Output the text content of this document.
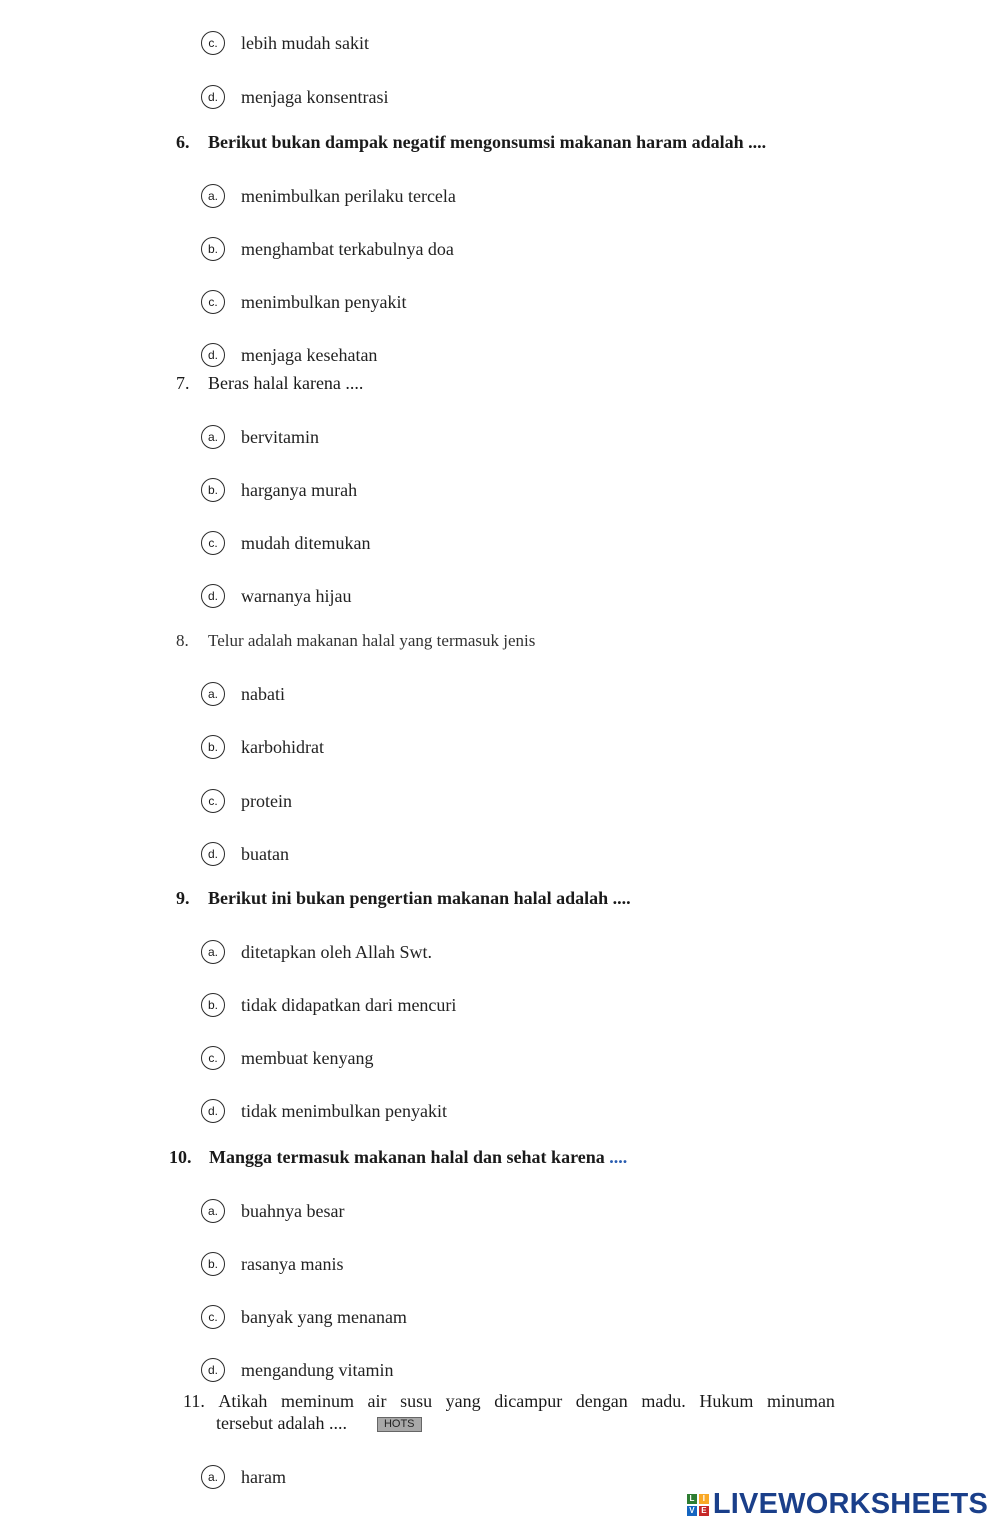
c.	lebih mudah sakit
d.	menjaga konsentrasi
6. Berikut bukan dampak negatif mengonsumsi makanan haram adalah ....
a.	menimbulkan perilaku tercela
b.	menghambat terkabulnya doa
c.	menimbulkan penyakit
d.	menjaga kesehatan
7. Beras halal karena ....
a.	bervitamin
b.	harganya murah
c.	mudah ditemukan
d.	warnanya hijau
8. Telur adalah makanan halal yang termasuk jenis
a.	nabati
b.	karbohidrat
c.	protein
d.	buatan
9. Berikut ini bukan pengertian makanan halal adalah ....
a.	ditetapkan oleh Allah Swt.
b.	tidak didapatkan dari mencuri
c.	membuat kenyang
d.	tidak menimbulkan penyakit
10. Mangga termasuk makanan halal dan sehat karena ....
a.	buahnya besar
b.	rasanya manis
c.	banyak yang menanam
d.	mengandung vitamin
11. Atikah meminum air susu yang dicampur dengan madu. Hukum minuman
tersebut adalah ....	HOTS
a.	haram
L	I
V E LIVEWORKSHEETS
